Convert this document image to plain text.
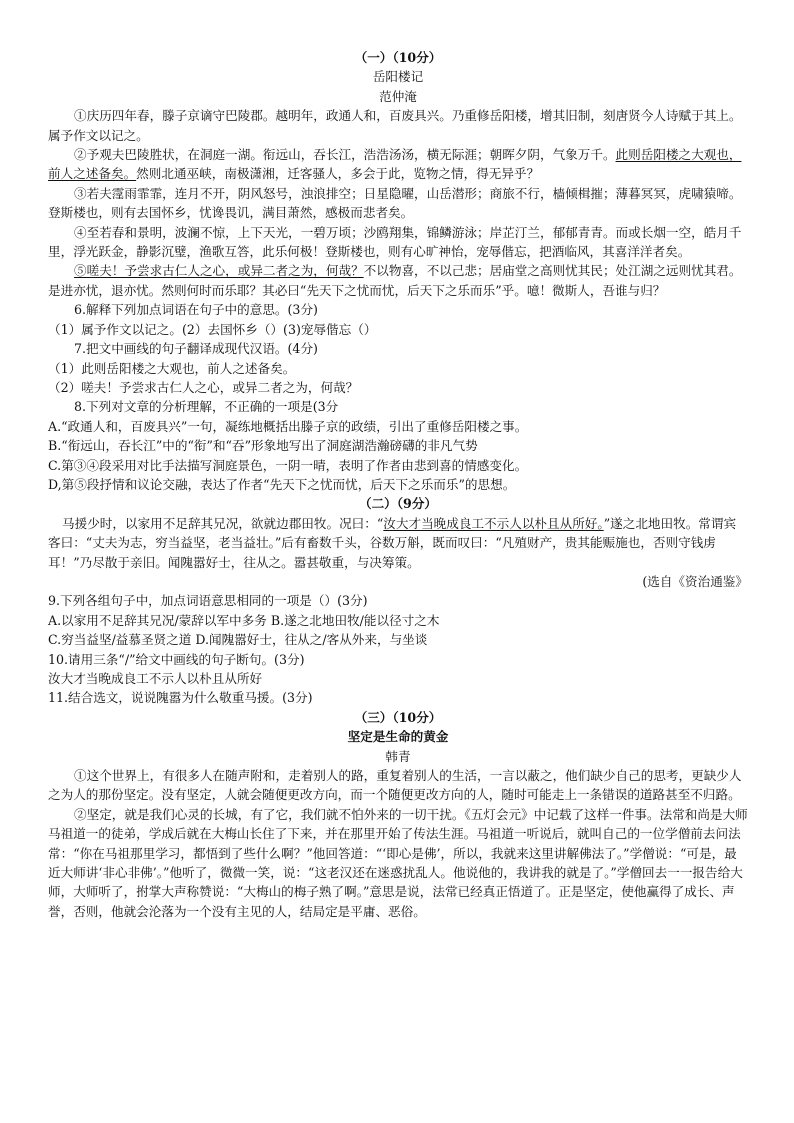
（一）（10分）
岳阳楼记
范仲淹

①庆历四年春，滕子京谪守巴陵郡。越明年，政通人和，百废具兴。乃重修岳阳楼，增其旧制，刻唐贤今人诗赋于其上。属予作文以记之。

②予观夫巴陵胜状，在洞庭一湖。衔远山，吞长江，浩浩汤汤，横无际涯；朝晖夕阴，气象万千。此则岳阳楼之大观也，前人之述备矣。然则北通巫峡，南极潇湘，迁客骚人，多会于此，览物之情，得无异乎？

③若夫霪雨霏霏，连月不开，阴风怒号，浊浪排空；日星隐曜，山岳潜形；商旅不行，樯倾楫摧；薄暮冥冥，虎啸猿啼。登斯楼也，则有去国怀乡，忧谗畏讥，满目萧然，感极而悲者矣。

④至若春和景明，波澜不惊，上下天光，一碧万顷；沙鸥翔集，锦鳞游泳；岸芷汀兰，郁郁青青。而或长烟一空，皓月千里，浮光跃金，静影沉璧，渔歌互答，此乐何极！登斯楼也，则有心旷神怡，宠辱偕忘，把酒临风，其喜洋洋者矣。

⑤嗟夫！予尝求古仁人之心，或异二者之为，何哉？不以物喜，不以己悲；居庙堂之高则忧其民；处江湖之远则忧其君。是进亦忧，退亦忧。然则何时而乐耶？其必曰“先天下之忧而忧，后天下之乐而乐”乎。噫！微斯人，吾谁与归？

6.解释下列加点词语在句子中的意思。(3分)

（1）属予作文以记之。(2）去国怀乡（）(3)宠辱偕忘（）

7.把文中画线的句子翻译成现代汉语。(4分)

（1）此则岳阳楼之大观也，前人之述备矣。

（2）嗟夫！予尝求古仁人之心，或异二者之为，何哉？

8.下列对文章的分析理解，不正确的一项是(3分

A.“政通人和，百废具兴”一句，凝练地概括出滕子京的政绩，引出了重修岳阳楼之事。

B.“衔远山，吞长江”中的“衔”和“吞”形象地写出了洞庭湖浩瀚磅礴的非凡气势

C.第③④段采用对比手法描写洞庭景色，一阴一晴，表明了作者由悲到喜的情感变化。

D,第⑤段抒情和议论交融，表达了作者“先天下之忧而忧，后天下之乐而乐”的思想。

（二）（9分）

马援少时，以家用不足辞其兄况，欲就边郡田牧。况曰：“汝大才当晚成良工不示人以朴且从所好。”遂之北地田牧。常谓宾客曰：“丈夫为志，穷当益坚，老当益壮。”后有畜数千头，谷数万斛，既而叹曰：“凡殖财产，贵其能赈施也，否则守钱虏耳！”乃尽散于亲旧。闻隗嚣好士，往从之。嚣甚敬重，与决筹策。

(选自《资治通鉴》

9.下列各组句子中，加点词语意思相同的一项是（）(3分)

A.以家用不足辞其兄况/蒙辞以军中多务 B.遂之北地田牧/能以径寸之木

C.穷当益坚/益慕圣贤之道 D.闻隗嚣好士，往从之/客从外来，与坐谈

10.请用三条“/”给文中画线的句子断句。(3分)

汝大才当晚成良工不示人以朴且从所好

11.结合选文，说说隗嚣为什么敬重马援。(3分)

（三）（10分）
坚定是生命的黄金
韩青

①这个世界上，有很多人在随声附和，走着别人的路，重复着别人的生活，一言以蔽之，他们缺少自己的思考，更缺少人之为人的那份坚定。没有坚定，人就会随便更改方向，而一个随便更改方向的人，随时可能走上一条错误的道路甚至不归路。

②坚定，就是我们心灵的长城，有了它，我们就不怕外来的一切干扰。《五灯会元》中记载了这样一件事。法常和尚是大师马祖道一的徒弟，学成后就在大梅山长住了下来，并在那里开始了传法生涯。马祖道一听说后，就叫自己的一位学僧前去问法常：“你在马祖那里学习，都悟到了些什么啊？”他回答道：“‘即心是佛’，所以，我就来这里讲解佛法了。”学僧说：“可是，最近大师讲‘非心非佛’。”他听了，微微一笑，说：“这老汉还在迷惑扰乱人。他说他的，我讲我的就是了。”学僧回去一一报告给大师，大师听了，拊掌大声称赞说：“大梅山的梅子熟了啊。”意思是说，法常已经真正悟道了。正是坚定，使他赢得了成长、声誉，否则，他就会沦落为一个没有主见的人，结局定是平庸、恶俗。
